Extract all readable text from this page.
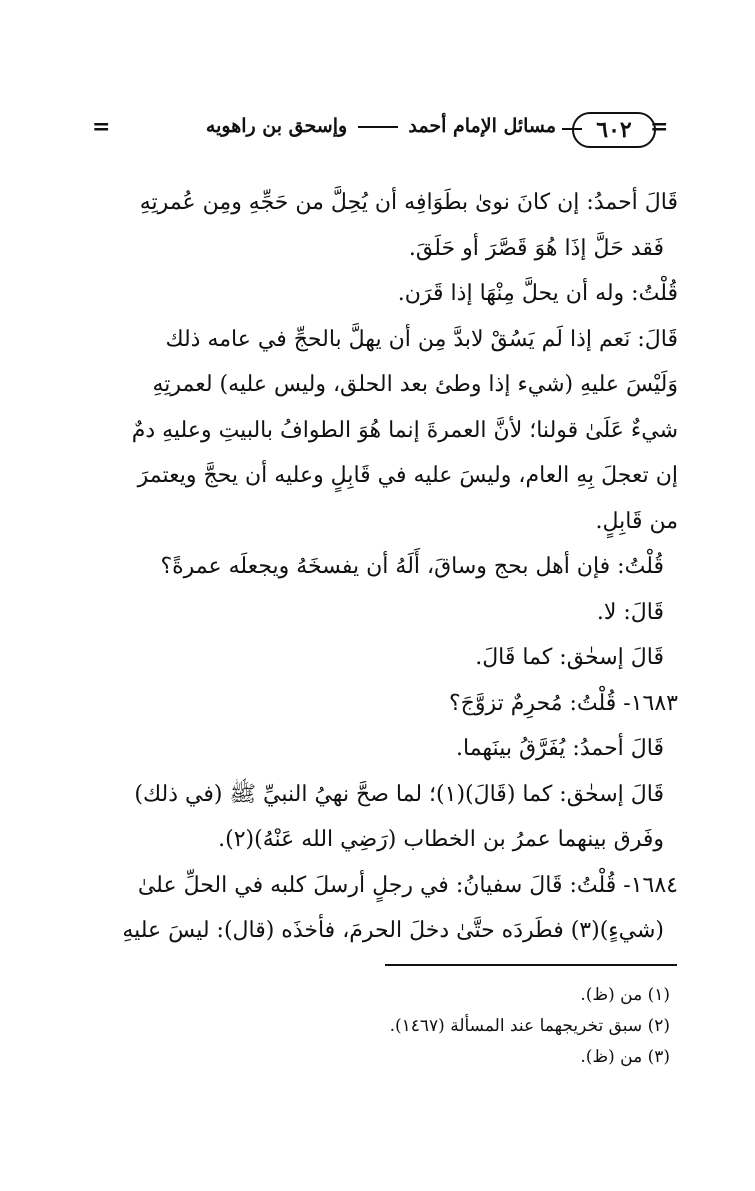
=	مسائل الإمام أحمد  وإسحق بن راهويه	٦٠٢ =

قَالَ أحمدُ: إن كانَ نوىٰ بطَوَافِه أن يُحِلَّ من حَجِّهِ ومِن عُمرتِهِ

فَقد حَلَّ إذَا هُوَ قَصَّرَ أو حَلَقَ.

قُلْتُ: وله أن يحلَّ مِنْهَا إذا قَرَن.

قَالَ: نَعم إذا لَم يَسُقْ لابدَّ مِن أن يهلَّ بالحجِّ في عامه ذلك

وَلَيْسَ عليهِ (شيء إذا وطئ بعد الحلق، وليس عليه) لعمرتِهِ

شيءٌ عَلَىٰ قولنا؛ لأنَّ العمرةَ إنما هُوَ الطوافُ بالبيتِ وعليهِ دمٌ

إن تعجلَ بِهِ العام، وليسَ عليه في قَابِلٍ وعليه أن يحجَّ ويعتمرَ

من قَابِلٍ.

قُلْتُ: فإن أهل بحج وساقَ، أَلَهُ أن يفسخَهُ ويجعلَه عمرةً؟

قَالَ: لا.

قَالَ إسحٰق: كما قَالَ.

١٦٨٣- قُلْتُ: مُحرِمٌ تزوَّجَ؟

قَالَ أحمدُ: يُفَرَّقُ بينَهما.

قَالَ إسحٰق: كما (قَالَ)(١)؛ لما صحَّ نهيُ النبيِّ ﷺ (في ذلك)

وفَرق بينهما عمرُ بن الخطاب (رَضِي الله عَنْهُ)(٢).

١٦٨٤- قُلْتُ: قَالَ سفيانُ: في رجلٍ أرسلَ كلبه في الحلِّ علىٰ

(شيءٍ)(٣) فطَردَه حتَّىٰ دخلَ الحرمَ، فأخذَه (قال): ليسَ عليهِ

(١) من (ظ).

(٢) سبق تخريجهما عند المسألة (١٤٦٧).

(٣) من (ظ).
